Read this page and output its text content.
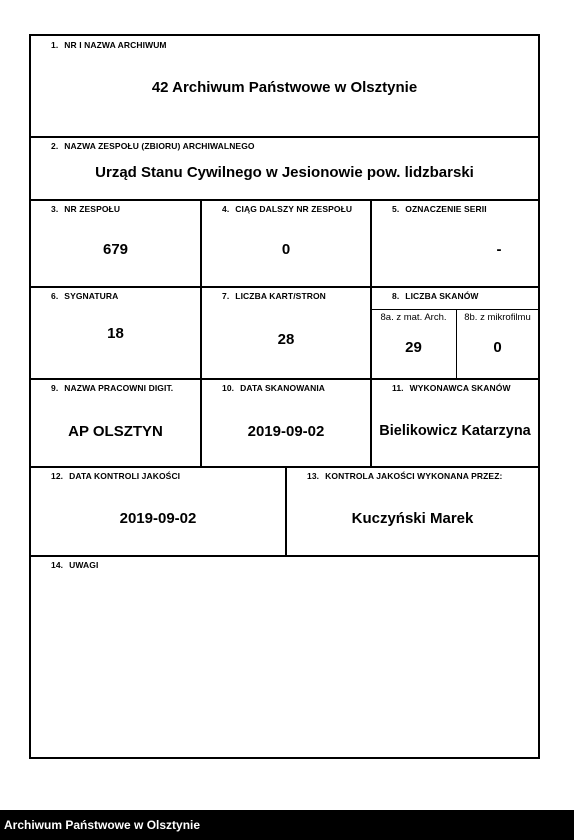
1. NR I NAZWA ARCHIWUM
42 Archiwum Państwowe w Olsztynie
2. NAZWA ZESPOŁU (ZBIORU) ARCHIWALNEGO
Urząd Stanu Cywilnego w Jesionowie pow. lidzbarski
3. NR ZESPOŁU
679
4. CIĄG DALSZY NR ZESPOŁU
0
5. OZNACZENIE SERII
-
6. SYGNATURA
18
7. LICZBA KART/STRON
28
8. LICZBA SKANÓW
8a. z mat. Arch.
29
8b. z mikrofilmu
0
9. NAZWA PRACOWNI DIGIT.
AP OLSZTYN
10. DATA SKANOWANIA
2019-09-02
11. WYKONAWCA SKANÓW
Bielikowicz Katarzyna
12. DATA KONTROLI JAKOŚCI
2019-09-02
13. KONTROLA JAKOŚCI WYKONANA PRZEZ:
Kuczyński Marek
14. UWAGI
Archiwum Państwowe w Olsztynie
